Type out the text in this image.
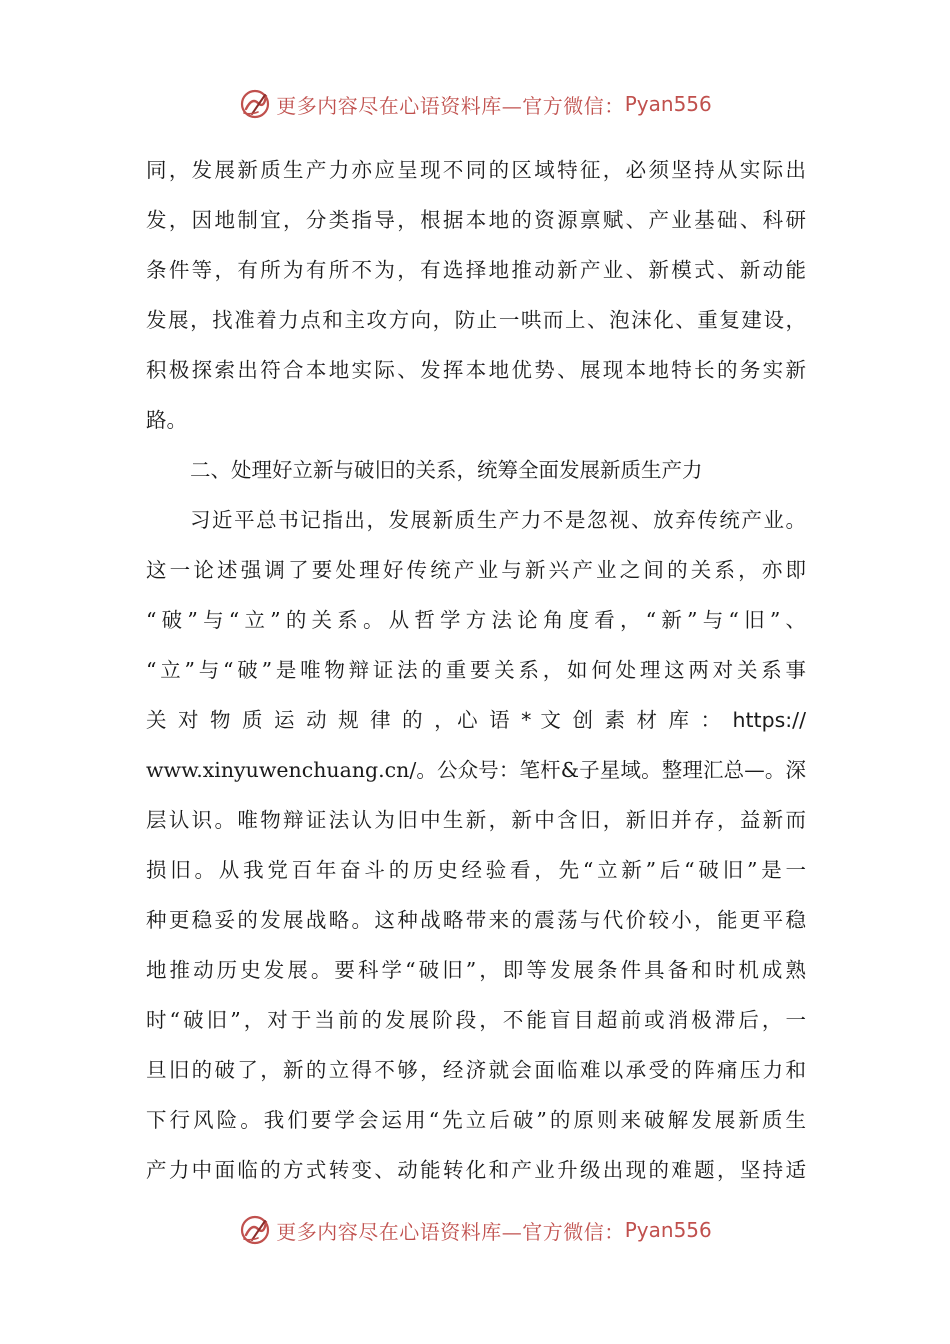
更多内容尽在心语资料库—官方微信： Pyan556
同，发展新质生产力亦应呈现不同的区域特征，必须坚持从实际出
发，因地制宜，分类指导，根据本地的资源禀赋、产业基础、科研
条件等，有所为有所不为，有选择地推动新产业、新模式、新动能
发展，找准着力点和主攻方向，防止一哄而上、泡沫化、重复建设，
积极探索出符合本地实际、发挥本地优势、展现本地特长的务实新
路。
二、处理好立新与破旧的关系，统筹全面发展新质生产力
习近平总书记指出，发展新质生产力不是忽视、放弃传统产业。
这一论述强调了要处理好传统产业与新兴产业之间的关系，亦即
“破”与“立”的关系。从哲学方法论角度看，“新”与“旧”、
“立”与“破”是唯物辩证法的重要关系，如何处理这两对关系事
关 对 物 质 运 动 规 律 的 ，心 语 * 文 创 素 材 库 ： https://
www.xinyuwenchuang.cn/。公众号：笔杆&子星域。整理汇总—。深
层认识。唯物辩证法认为旧中生新，新中含旧，新旧并存，益新而
损旧。从我党百年奋斗的历史经验看，先“立新”后“破旧”是一
种更稳妥的发展战略。这种战略带来的震荡与代价较小，能更平稳
地推动历史发展。要科学“破旧”，即等发展条件具备和时机成熟
时“破旧”，对于当前的发展阶段，不能盲目超前或消极滞后，一
旦旧的破了，新的立得不够，经济就会面临难以承受的阵痛压力和
下行风险。我们要学会运用“先立后破”的原则来破解发展新质生
产力中面临的方式转变、动能转化和产业升级出现的难题，坚持适
更多内容尽在心语资料库—官方微信： Pyan556
